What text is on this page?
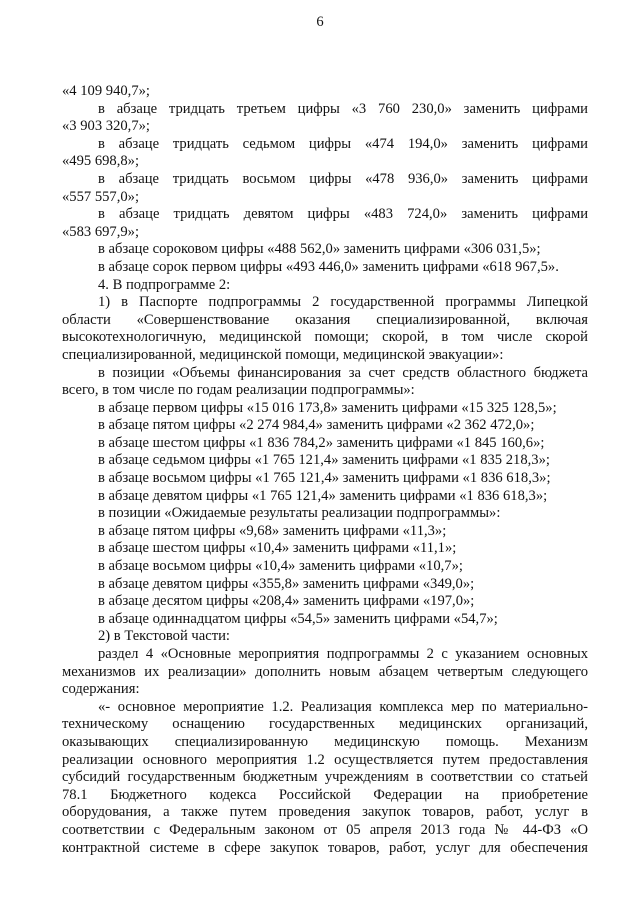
6
«4 109 940,7»;
в абзаце тридцать третьем цифры «3 760 230,0» заменить цифрами
«3 903 320,7»;
в абзаце тридцать седьмом цифры «474 194,0» заменить цифрами
«495 698,8»;
в абзаце тридцать восьмом цифры «478 936,0» заменить цифрами
«557 557,0»;
в абзаце тридцать девятом цифры «483 724,0» заменить цифрами
«583 697,9»;
в абзаце сороковом цифры «488 562,0» заменить цифрами «306 031,5»;
в абзаце сорок первом цифры «493 446,0» заменить цифрами «618 967,5».
4. В подпрограмме 2:
1) в Паспорте подпрограммы 2 государственной программы Липецкой
области «Совершенствование оказания специализированной, включая
высокотехнологичную, медицинской помощи; скорой, в том числе скорой
специализированной, медицинской помощи, медицинской эвакуации»:
в позиции «Объемы финансирования за счет средств областного бюджета
всего, в том числе по годам реализации подпрограммы»:
в абзаце первом цифры «15 016 173,8» заменить цифрами «15 325 128,5»;
в абзаце пятом цифры «2 274 984,4» заменить цифрами «2 362 472,0»;
в абзаце шестом цифры «1 836 784,2» заменить цифрами «1 845 160,6»;
в абзаце седьмом цифры «1 765 121,4» заменить цифрами «1 835 218,3»;
в абзаце восьмом цифры «1 765 121,4» заменить цифрами «1 836 618,3»;
в абзаце девятом цифры «1 765 121,4» заменить цифрами «1 836 618,3»;
в позиции «Ожидаемые результаты реализации подпрограммы»:
в абзаце пятом цифры «9,68» заменить цифрами «11,3»;
в абзаце шестом цифры «10,4» заменить цифрами «11,1»;
в абзаце восьмом цифры «10,4» заменить цифрами «10,7»;
в абзаце девятом цифры «355,8» заменить цифрами «349,0»;
в абзаце десятом цифры «208,4» заменить цифрами «197,0»;
в абзаце одиннадцатом цифры «54,5» заменить цифрами «54,7»;
2) в Текстовой части:
раздел 4 «Основные мероприятия подпрограммы 2 с указанием основных
механизмов их реализации» дополнить новым абзацем четвертым следующего
содержания:
«- основное мероприятие 1.2. Реализация комплекса мер по материально-
техническому оснащению государственных медицинских организаций,
оказывающих специализированную медицинскую помощь. Механизм
реализации основного мероприятия 1.2 осуществляется путем предоставления
субсидий государственным бюджетным учреждениям в соответствии со статьей
78.1 Бюджетного кодекса Российской Федерации на приобретение
оборудования, а также путем проведения закупок товаров, работ, услуг в
соответствии с Федеральным законом от 05 апреля 2013 года № 44-ФЗ «О
контрактной системе в сфере закупок товаров, работ, услуг для обеспечения
